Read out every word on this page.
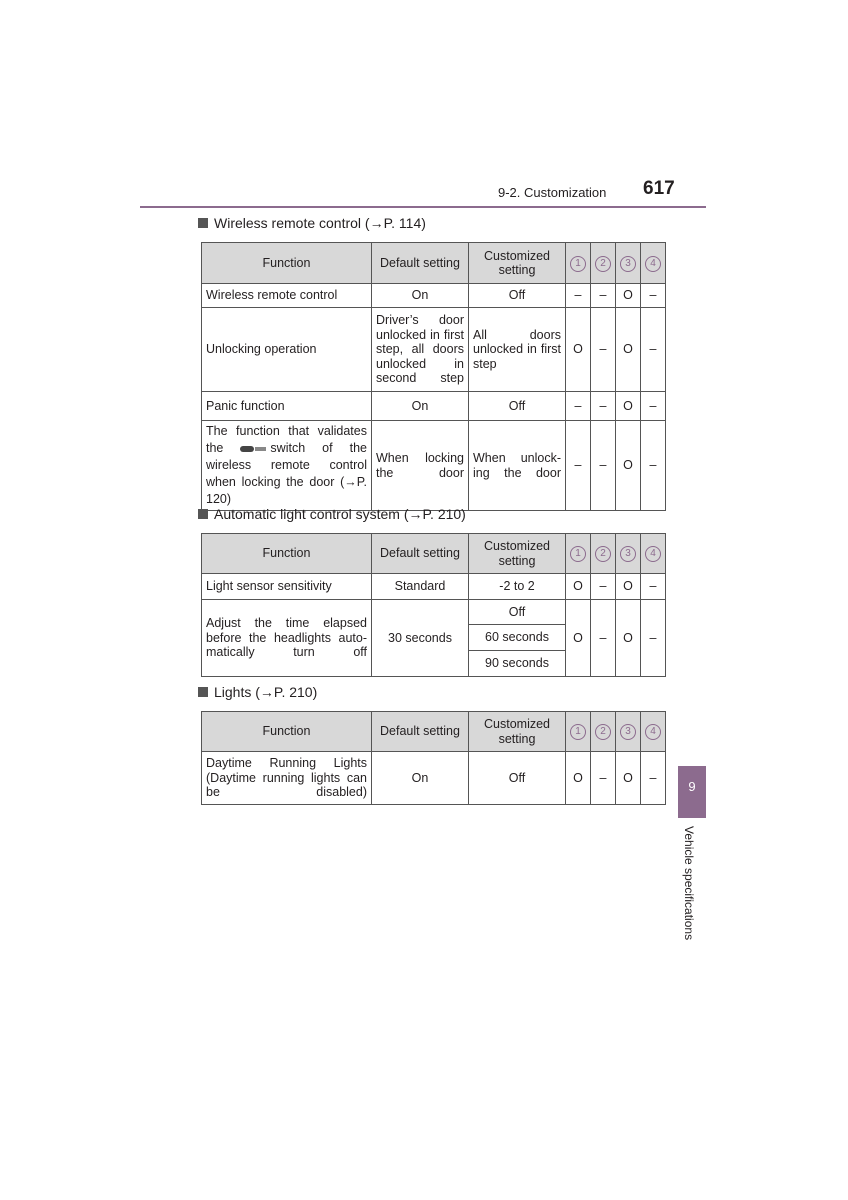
9-2. Customization 617
Wireless remote control (→P. 114)
Function	Default setting	Customized setting	1	2	3	4
Wireless remote control	On	Off	–	–	O	–
Unlocking operation	Driver’s door unlocked in first step, all doors unlocked in second step	All doors unlocked in first step	O	–	O	–
Panic function	On	Off	–	–	O	–
The function that validates the switch of the wireless remote control when locking the door (→P. 120)	When locking the door	When unlock-ing the door	–	–	O	–
Automatic light control system (→P. 210)
Function	Default setting	Customized setting	1	2	3	4
Light sensor sensitivity	Standard	-2 to 2	O	–	O	–
Adjust the time elapsed before the headlights auto-matically turn off	30 seconds	Off	O	–	O	–
		60 seconds				
		90 seconds				
Lights (→P. 210)
Function	Default setting	Customized setting	1	2	3	4
Daytime Running Lights (Daytime running lights can be disabled)	On	Off	O	–	O	–
9
Vehicle specifications
